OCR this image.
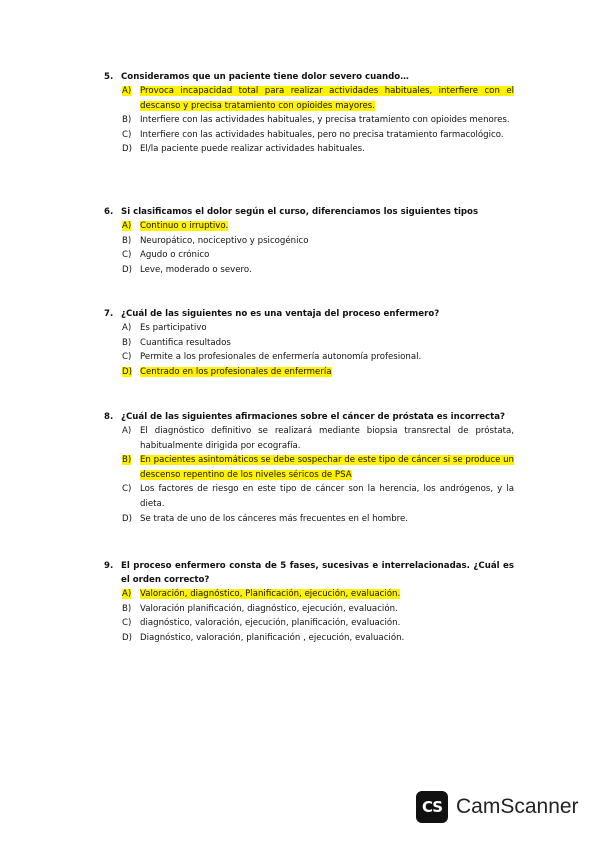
5. Consideramos que un paciente tiene dolor severo cuando…
A)	Provoca incapacidad total para realizar actividades habituales, interfiere con el descanso y precisa tratamiento con opioides mayores.
B)	Interfiere con las actividades habituales, y precisa tratamiento con opioides menores.
C)	Interfiere con las actividades habituales, pero no precisa tratamiento farmacológico.
D) El/la paciente puede realizar actividades habituales.
6. Si clasificamos el dolor según el curso, diferenciamos los siguientes tipos
A)	Continuo o irruptivo.
B)	Neuropático, nociceptivo y psicogénico
C)	Agudo o crónico
D) Leve, moderado o severo.
7. ¿Cuál de las siguientes no es una ventaja del proceso enfermero?
A)	Es participativo
B)	Cuantifica resultados
C)	Permite a los profesionales de enfermería autonomía profesional.
D) Centrado en los profesionales de enfermería
8. ¿Cuál de las siguientes afirmaciones sobre el cáncer de próstata es incorrecta?
A)	El diagnóstico definitivo se realizará mediante biopsia transrectal de próstata, habitualmente dirigida por ecografía.
B)	En pacientes asintomáticos se debe sospechar de este tipo de cáncer si se produce un descenso repentino de los niveles séricos de PSA
C)	Los factores de riesgo en este tipo de cáncer son la herencia, los andrógenos, y la dieta.
D) Se trata de uno de los cánceres más frecuentes en el hombre.
9. El proceso enfermero consta de 5 fases, sucesivas e interrelacionadas. ¿Cuál es el orden correcto?
A)	Valoración, diagnóstico, Planificación, ejecución, evaluación.
B)	Valoración planificación, diagnóstico, ejecución, evaluación.
C)	diagnóstico, valoración, ejecución, planificación, evaluación.
D) Diagnóstico, valoración, planificación , ejecución, evaluación.
CS CamScanner
